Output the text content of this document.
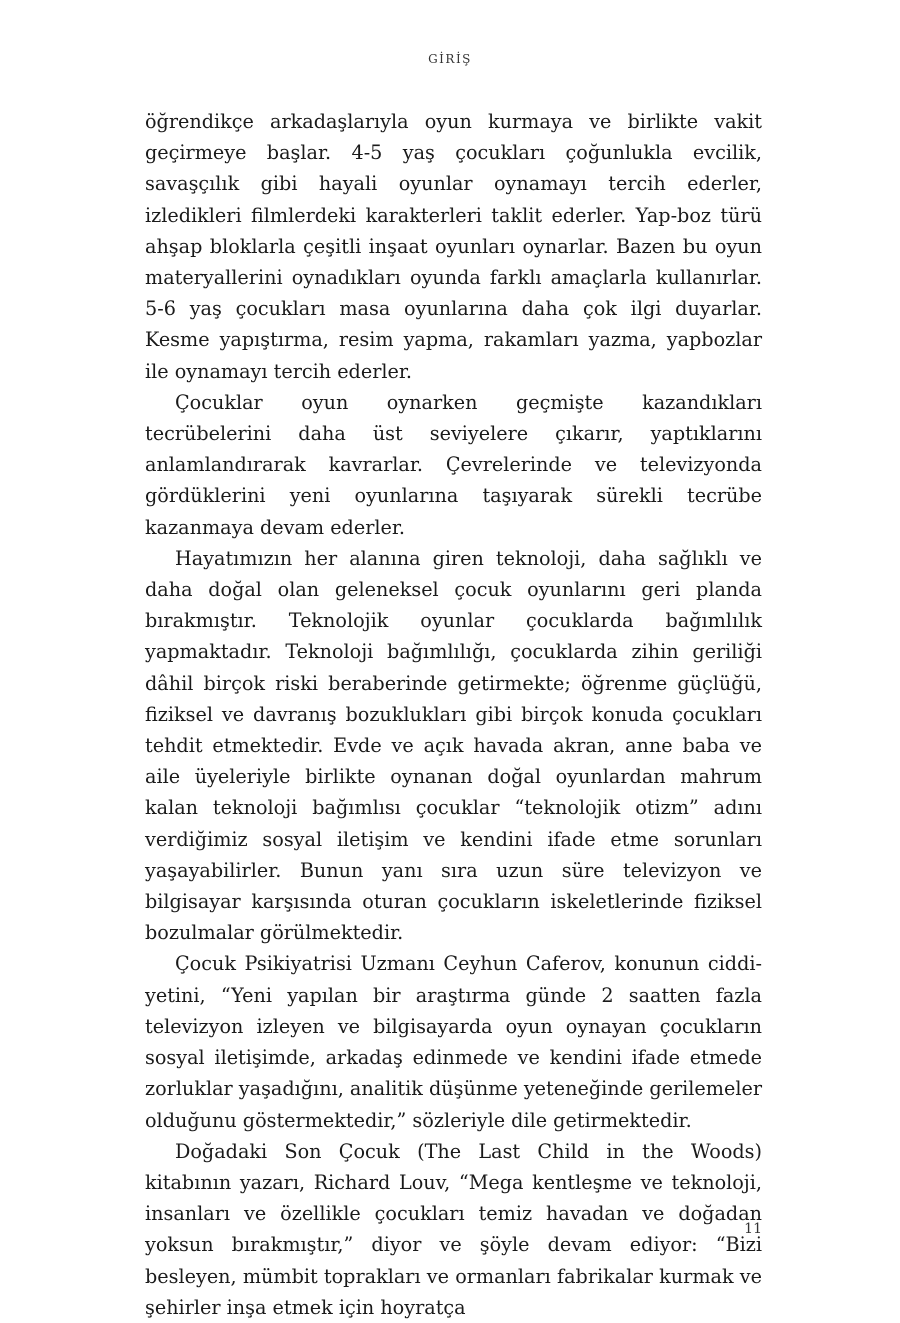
GİRİŞ

öğrendikçe arkadaşlarıyla oyun kurmaya ve birlikte vakit geçirmeye başlar. 4-5 yaş çocukları çoğunlukla evcilik, savaşçılık gibi hayali oyunlar oynamayı tercih ederler, izledikleri filmlerdeki karakterleri taklit ederler. Yap-boz türü ahşap bloklarla çeşitli inşaat oyunları oynarlar. Bazen bu oyun materyallerini oynadıkları oyunda farklı amaçlarla kullanırlar. 5-6 yaş çocukları masa oyunlarına daha çok ilgi duyarlar. Kesme yapıştırma, resim yapma, rakamları yazma, yapbozlar ile oynamayı tercih ederler.

Çocuklar oyun oynarken geçmişte kazandıkları tecrübelerini daha üst seviyelere çıkarır, yaptıklarını anlamlandırarak kavrarlar. Çevrelerinde ve televizyonda gördüklerini yeni oyunlarına taşıyarak sürekli tecrübe kazanmaya devam ederler.

Hayatımızın her alanına giren teknoloji, daha sağlıklı ve daha doğal olan geleneksel çocuk oyunlarını geri planda bırakmıştır. Teknolojik oyunlar çocuklarda bağımlılık yapmaktadır. Teknoloji bağımlılığı, çocuklarda zihin geriliği dâhil birçok riski beraberinde getirmekte; öğrenme güçlüğü, fiziksel ve davranış bozuklukları gibi birçok konuda çocukları tehdit etmektedir. Evde ve açık havada akran, anne baba ve aile üyeleriyle birlikte oynanan doğal oyunlardan mahrum kalan teknoloji bağımlısı çocuklar “teknolojik otizm” adını verdiğimiz sosyal iletişim ve kendini ifade etme sorunları yaşayabilirler. Bunun yanı sıra uzun süre televizyon ve bilgisayar karşısında oturan çocukların iskeletlerinde fiziksel bozulmalar görülmektedir.

Çocuk Psikiyatrisi Uzmanı Ceyhun Caferov, konunun ciddiyetini, “Yeni yapılan bir araştırma günde 2 saatten fazla televizyon izleyen ve bilgisayarda oyun oynayan çocukların sosyal iletişimde, arkadaş edinmede ve kendini ifade etmede zorluklar yaşadığını, analitik düşünme yeteneğinde gerilemeler olduğunu göstermektedir,” sözleriyle dile getirmektedir.

Doğadaki Son Çocuk (The Last Child in the Woods) kitabının yazarı, Richard Louv, “Mega kentleşme ve teknoloji, insanları ve özellikle çocukları temiz havadan ve doğadan yoksun bırakmıştır,” diyor ve şöyle devam ediyor: “Bizi besleyen, mümbit toprakları ve ormanları fabrikalar kurmak ve şehirler inşa etmek için hoyratça

11
